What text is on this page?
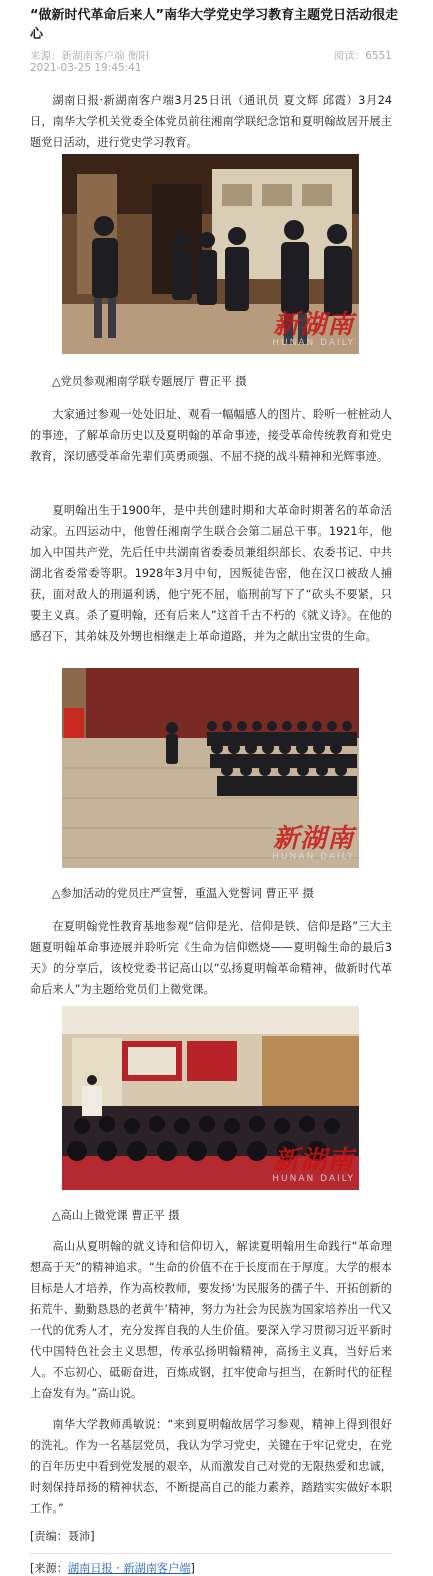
“做新时代革命后来人”南华大学党史学习教育主题党日活动很走心
来源：新湖南客户端 衡阳
2021-03-25 19:45:41
阅读：6551

湖南日报·新湖南客户端3月25日讯（通讯员 夏文辉 邱霞）3月24日，南华大学机关党委全体党员前往湘南学联纪念馆和夏明翰故居开展主题党日活动，进行党史学习教育。

新湖南
HUNAN DAILY
△党员参观湘南学联专题展厅 曹正平 摄

大家通过参观一处处旧址、观看一幅幅感人的图片、聆听一桩桩动人的事迹，了解革命历史以及夏明翰的革命事迹，接受革命传统教育和党史教育，深切感受革命先辈们英勇顽强、不屈不挠的战斗精神和光辉事迹。

夏明翰出生于1900年，是中共创建时期和大革命时期著名的革命活动家。五四运动中，他曾任湘南学生联合会第二届总干事。1921年，他加入中国共产党，先后任中共湖南省委委员兼组织部长、农委书记、中共湖北省委常委等职。1928年3月中旬，因叛徒告密，他在汉口被敌人捕获，面对敌人的刑逼利诱，他宁死不屈，临刑前写下了“砍头不要紧，只要主义真。杀了夏明翰，还有后来人”这首千古不朽的《就义诗》。在他的感召下，其弟妹及外甥也相继走上革命道路，并为之献出宝贵的生命。

新湖南
HUNAN DAILY
△参加活动的党员庄严宣誓，重温入党誓词 曹正平 摄

在夏明翰党性教育基地参观“信仰是光、信仰是铁、信仰是路”三大主题夏明翰革命事迹展并聆听完《生命为信仰燃烧——夏明翰生命的最后3天》的分享后，该校党委书记高山以“弘扬夏明翰革命精神，做新时代革命后来人”为主题给党员们上微党课。

新湖南
HUNAN DAILY
△高山上微党课 曹正平 摄

高山从夏明翰的就义诗和信仰切入，解读夏明翰用生命践行“革命理想高于天”的精神追求。“生命的价值不在于长度而在于厚度。大学的根本目标是人才培养，作为高校教师，要发扬‘为民服务的孺子牛、开拓创新的拓荒牛、勤勤恳恳的老黄牛’精神，努力为社会为民族为国家培养出一代又一代的优秀人才，充分发挥自我的人生价值。要深入学习贯彻习近平新时代中国特色社会主义思想，传承弘扬明翰精神，高扬主义真，当好后来人。不忘初心、砥砺奋进，百炼成钢，扛牢使命与担当，在新时代的征程上奋发有为。”高山说。

南华大学教师禹敏说：“来到夏明翰故居学习参观，精神上得到很好的洗礼。作为一名基层党员，我认为学习党史，关键在于牢记党史，在党的百年历史中看到党发展的艰辛，从而激发自己对党的无限热爱和忠诚，时刻保持昂扬的精神状态，不断提高自己的能力素养，踏踏实实做好本职工作。”

[责编：聂沛]
[来源：湖南日报 · 新湖南客户端]
